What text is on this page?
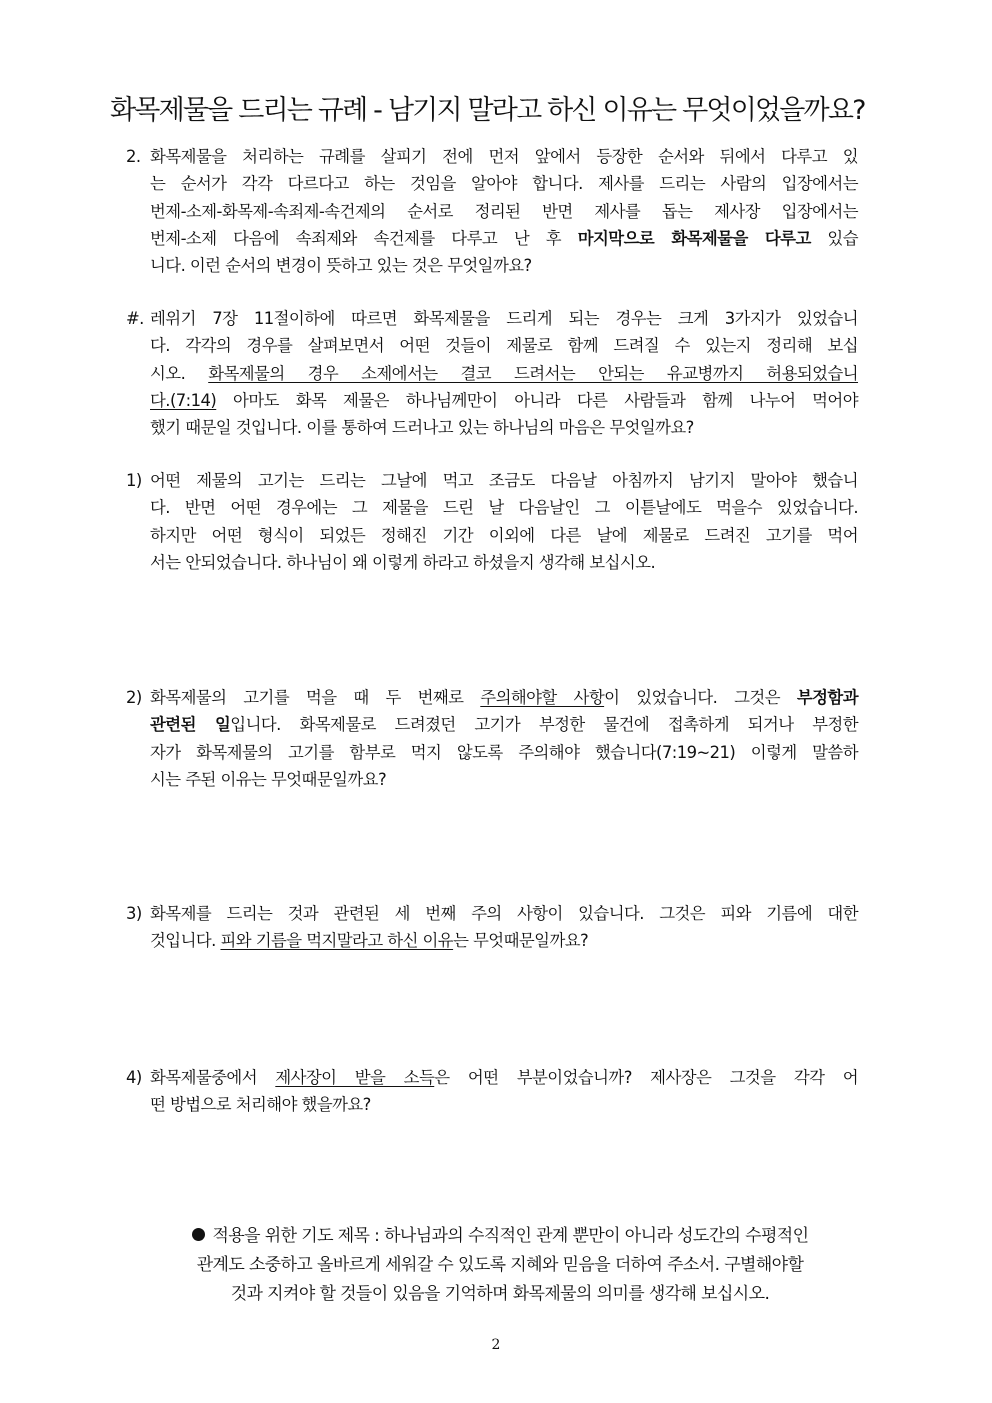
화목제물을 드리는 규례 - 남기지 말라고 하신 이유는 무엇이었을까요?
2. 화목제물을 처리하는 규례를 살피기 전에 먼저 앞에서 등장한 순서와 뒤에서 다루고 있
는 순서가 각각 다르다고 하는 것임을 알아야 합니다. 제사를 드리는 사람의 입장에서는
번제-소제-화목제-속죄제-속건제의 순서로 정리된 반면 제사를 돕는 제사장 입장에서는
번제-소제 다음에 속죄제와 속건제를 다루고 난 후 마지막으로 화목제물을 다루고 있습
니다. 이런 순서의 변경이 뜻하고 있는 것은 무엇일까요?
#. 레위기 7장 11절이하에 따르면 화목제물을 드리게 되는 경우는 크게 3가지가 있었습니
다. 각각의 경우를 살펴보면서 어떤 것들이 제물로 함께 드려질 수 있는지 정리해 보십
시오. 화목제물의 경우 소제에서는 결코 드려서는 안되는 유교병까지 허용되었습니
다.(7:14) 아마도 화목 제물은 하나님께만이 아니라 다른 사람들과 함께 나누어 먹어야
했기 때문일 것입니다. 이를 통하여 드러나고 있는 하나님의 마음은 무엇일까요?
1) 어떤 제물의 고기는 드리는 그날에 먹고 조금도 다음날 아침까지 남기지 말아야 했습니
다. 반면 어떤 경우에는 그 제물을 드린 날 다음날인 그 이튿날에도 먹을수 있었습니다.
하지만 어떤 형식이 되었든 정해진 기간 이외에 다른 날에 제물로 드려진 고기를 먹어
서는 안되었습니다. 하나님이 왜 이렇게 하라고 하셨을지 생각해 보십시오.
2) 화목제물의 고기를 먹을 때 두 번째로 주의해야할 사항이 있었습니다. 그것은 부정함과
관련된 일입니다. 화목제물로 드려졌던 고기가 부정한 물건에 접촉하게 되거나 부정한
자가 화목제물의 고기를 함부로 먹지 않도록 주의해야 했습니다(7:19~21) 이렇게 말씀하
시는 주된 이유는 무엇때문일까요?
3) 화목제를 드리는 것과 관련된 세 번째 주의 사항이 있습니다. 그것은 피와 기름에 대한
것입니다. 피와 기름을 먹지말라고 하신 이유는 무엇때문일까요?
4) 화목제물중에서 제사장이 받을 소득은 어떤 부분이었습니까? 제사장은 그것을 각각 어
떤 방법으로 처리해야 했을까요?
적용을 위한 기도 제목 : 하나님과의 수직적인 관계 뿐만이 아니라 성도간의 수평적인
관계도 소중하고 올바르게 세워갈 수 있도록 지혜와 믿음을 더하여 주소서. 구별해야할
것과 지켜야 할 것들이 있음을 기억하며 화목제물의 의미를 생각해 보십시오.
2
